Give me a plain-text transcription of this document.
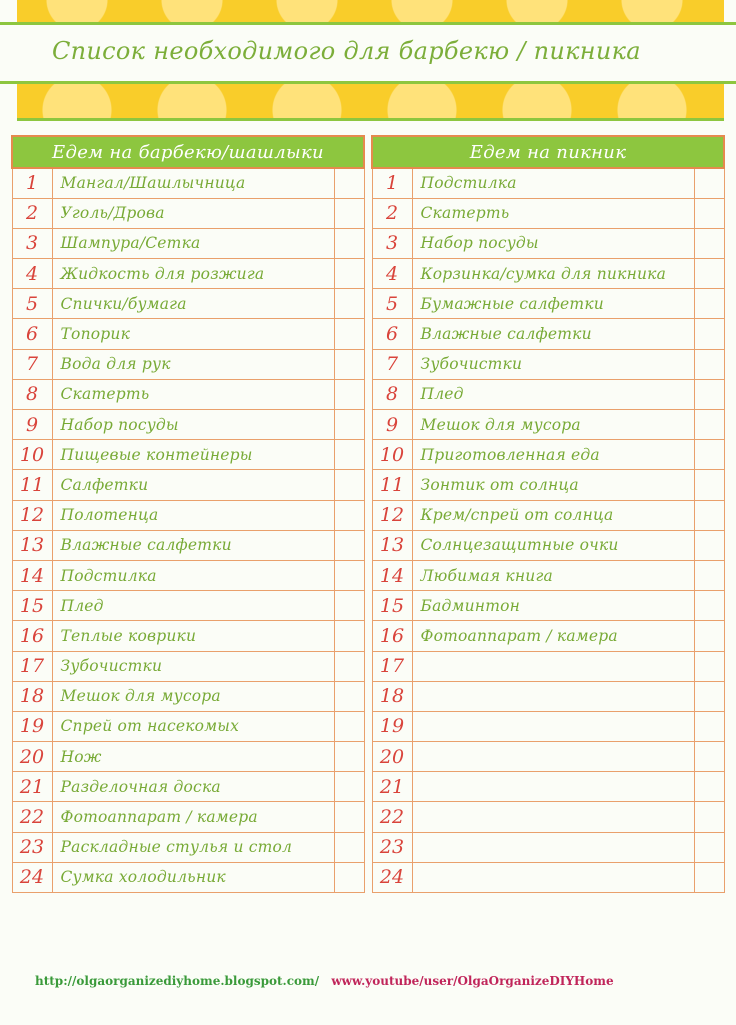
Список необходимого для барбекю / пикника
Едем на барбекю/шашлыки		
1	Мангал/Шашлычница	
2	Уголь/Дрова	
3	Шампура/Сетка	
4	Жидкость для розжига	
5	Спички/бумага	
6	Топорик	
7	Вода для рук	
8	Скатерть	
9	Набор посуды	
10	Пищевые контейнеры	
11	Салфетки	
12	Полотенца	
13	Влажные салфетки	
14	Подстилка	
15	Плед	
16	Теплые коврики	
17	Зубочистки	
18	Мешок для мусора	
19	Спрей от насекомых	
20	Нож	
21	Разделочная доска	
22	Фотоаппарат / камера	
23	Раскладные стулья и стол	
24	Сумка холодильник	
Едем на пикник		
1	Подстилка	
2	Скатерть	
3	Набор посуды	
4	Корзинка/сумка для пикника	
5	Бумажные салфетки	
6	Влажные салфетки	
7	Зубочистки	
8	Плед	
9	Мешок для мусора	
10	Приготовленная еда	
11	Зонтик от солнца	
12	Крем/спрей от солнца	
13	Солнцезащитные очки	
14	Любимая книга	
15	Бадминтон	
16	Фотоаппарат / камера	
17		
18		
19		
20		
21		
22		
23		
24		
http://olgaorganizediyhome.blogspot.com/ www.youtube/user/OlgaOrganizeDIYHome
